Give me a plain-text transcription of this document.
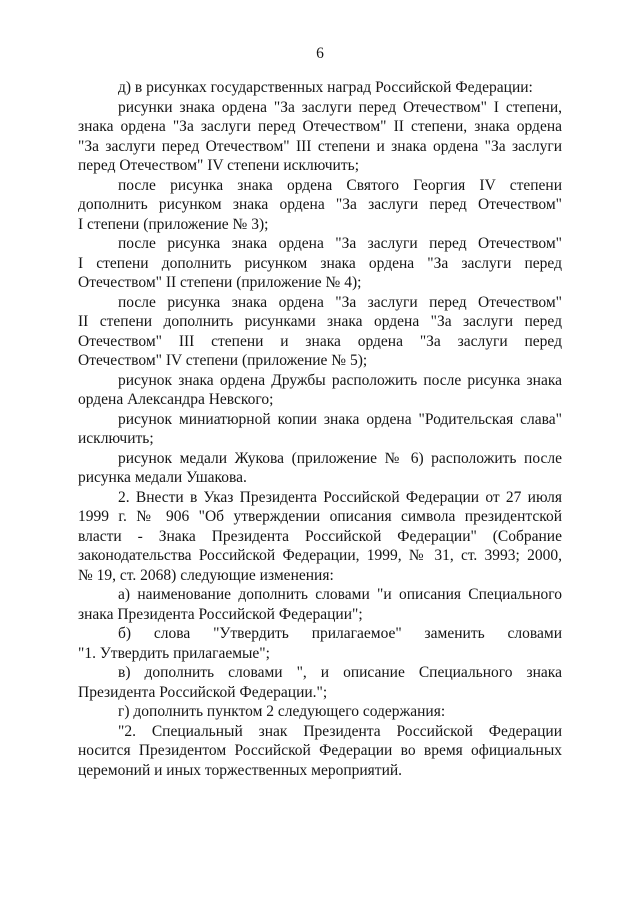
6
д) в рисунках государственных наград Российской Федерации:
рисунки знака ордена "За заслуги перед Отечеством" I степени,
знака ордена "За заслуги перед Отечеством" II степени, знака ордена
"За заслуги перед Отечеством" III степени и знака ордена "За заслуги
перед Отечеством" IV степени исключить;
после рисунка знака ордена Святого Георгия IV степени
дополнить рисунком знака ордена "За заслуги перед Отечеством"
I степени (приложение № 3);
после рисунка знака ордена "За заслуги перед Отечеством"
I степени дополнить рисунком знака ордена "За заслуги перед
Отечеством" II степени (приложение № 4);
после рисунка знака ордена "За заслуги перед Отечеством"
II степени дополнить рисунками знака ордена "За заслуги перед
Отечеством" III степени и знака ордена "За заслуги перед
Отечеством" IV степени (приложение № 5);
рисунок знака ордена Дружбы расположить после рисунка знака
ордена Александра Невского;
рисунок миниатюрной копии знака ордена "Родительская слава"
исключить;
рисунок медали Жукова (приложение № 6) расположить после
рисунка медали Ушакова.
2. Внести в Указ Президента Российской Федерации от 27 июля
1999 г. № 906 "Об утверждении описания символа президентской
власти - Знака Президента Российской Федерации" (Собрание
законодательства Российской Федерации, 1999, № 31, ст. 3993; 2000,
№ 19, ст. 2068) следующие изменения:
а) наименование дополнить словами "и описания Специального
знака Президента Российской Федерации";
б) слова "Утвердить прилагаемое" заменить словами
"1. Утвердить прилагаемые";
в) дополнить словами ", и описание Специального знака
Президента Российской Федерации.";
г) дополнить пунктом 2 следующего содержания:
"2. Специальный знак Президента Российской Федерации
носится Президентом Российской Федерации во время официальных
церемоний и иных торжественных мероприятий.
